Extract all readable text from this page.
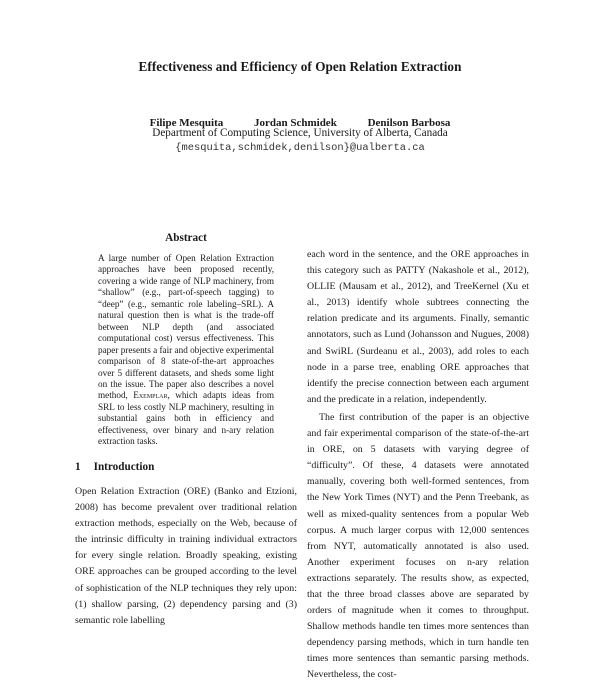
Effectiveness and Efficiency of Open Relation Extraction
Filipe Mesquita	Jordan Schmidek	Denilson Barbosa
Department of Computing Science, University of Alberta, Canada
{mesquita,schmidek,denilson}@ualberta.ca
Abstract
A large number of Open Relation Extraction approaches have been proposed recently, covering a wide range of NLP machinery, from “shallow” (e.g., part-of-speech tagging) to “deep” (e.g., semantic role labeling–SRL). A natural question then is what is the trade-off between NLP depth (and associated computational cost) versus effectiveness. This paper presents a fair and objective experimental comparison of 8 state-of-the-art approaches over 5 different datasets, and sheds some light on the issue. The paper also describes a novel method, Exemplar, which adapts ideas from SRL to less costly NLP machinery, resulting in substantial gains both in efficiency and effectiveness, over binary and n-ary relation extraction tasks.
1 Introduction

Open Relation Extraction (ORE) (Banko and Etzioni, 2008) has become prevalent over traditional relation extraction methods, especially on the Web, because of the intrinsic difficulty in training individual extractors for every single relation. Broadly speaking, existing ORE approaches can be grouped according to the level of sophistication of the NLP techniques they rely upon: (1) shallow parsing, (2) dependency parsing and (3) semantic role labelling

each word in the sentence, and the ORE approaches in this category such as PATTY (Nakashole et al., 2012), OLLIE (Mausam et al., 2012), and TreeKernel (Xu et al., 2013) identify whole subtrees connecting the relation predicate and its arguments. Finally, semantic annotators, such as Lund (Johansson and Nugues, 2008) and SwiRL (Surdeanu et al., 2003), add roles to each node in a parse tree, enabling ORE approaches that identify the precise connection between each argument and the predicate in a relation, independently.

The first contribution of the paper is an objective and fair experimental comparison of the state-of-the-art in ORE, on 5 datasets with varying degree of “difficulty”. Of these, 4 datasets were annotated manually, covering both well-formed sentences, from the New York Times (NYT) and the Penn Treebank, as well as mixed-quality sentences from a popular Web corpus. A much larger corpus with 12,000 sentences from NYT, automatically annotated is also used. Another experiment focuses on n-ary relation extractions separately. The results show, as expected, that the three broad classes above are separated by orders of magnitude when it comes to throughput. Shallow methods handle ten times more sentences than dependency parsing methods, which in turn handle ten times more sentences than semantic parsing methods. Nevertheless, the cost-
